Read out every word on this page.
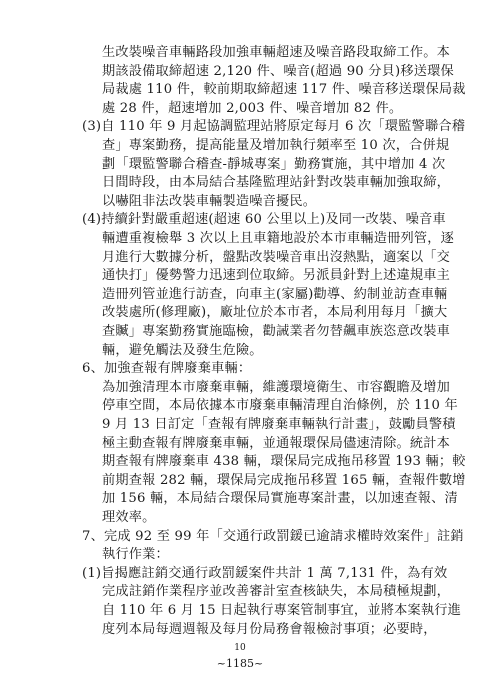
生改裝噪音車輛路段加強車輛超速及噪音路段取締工作。本
期該設備取締超速 2,120 件、噪音(超過 90 分貝)移送環保
局裁處 110 件，較前期取締超速 117 件、噪音移送環保局裁
處 28 件，超速增加 2,003 件、噪音增加 82 件。
(3)自 110 年 9 月起協調監理站將原定每月 6 次「環監警聯合稽
查」專案勤務，提高能量及增加執行頻率至 10 次，合併規
劃「環監警聯合稽查-靜城專案」勤務實施，其中增加 4 次
日間時段，由本局結合基隆監理站針對改裝車輛加強取締，
以嚇阻非法改裝車輛製造噪音擾民。
(4)持續針對嚴重超速(超速 60 公里以上)及同一改裝、噪音車
輛遭重複檢舉 3 次以上且車籍地設於本市車輛造冊列管，逐
月進行大數據分析，盤點改裝噪音車出沒熱點，適案以「交
通快打」優勢警力迅速到位取締。另派員針對上述違規車主
造冊列管並進行訪查，向車主(家屬)勸導、約制並訪查車輛
改裝處所(修理廠)，廠址位於本市者，本局利用每月「擴大
查贓」專案勤務實施臨檢，勸誡業者勿替飆車族恣意改裝車
輛，避免觸法及發生危險。
6、加強查報有牌廢棄車輛：
為加強清理本市廢棄車輛，維護環境衛生、市容觀瞻及增加
停車空間，本局依據本市廢棄車輛清理自治條例，於 110 年
9 月 13 日訂定「查報有牌廢棄車輛執行計畫」，鼓勵員警積
極主動查報有牌廢棄車輛，並通報環保局儘速清除。統計本
期查報有牌廢棄車 438 輛，環保局完成拖吊移置 193 輛；較
前期查報 282 輛，環保局完成拖吊移置 165 輛，查報件數增
加 156 輛，本局結合環保局實施專案計畫，以加速查報、清
理效率。
7、完成 92 至 99 年「交通行政罰鍰已逾請求權時效案件」註銷
執行作業：
(1)旨揭應註銷交通行政罰鍰案件共計 1 萬 7,131 件，為有效
完成註銷作業程序並改善審計室查核缺失，本局積極規劃，
自 110 年 6 月 15 日起執行專案管制事宜，並將本案執行進
度列本局每週週報及每月份局務會報檢討事項；必要時，
10
~1185~
